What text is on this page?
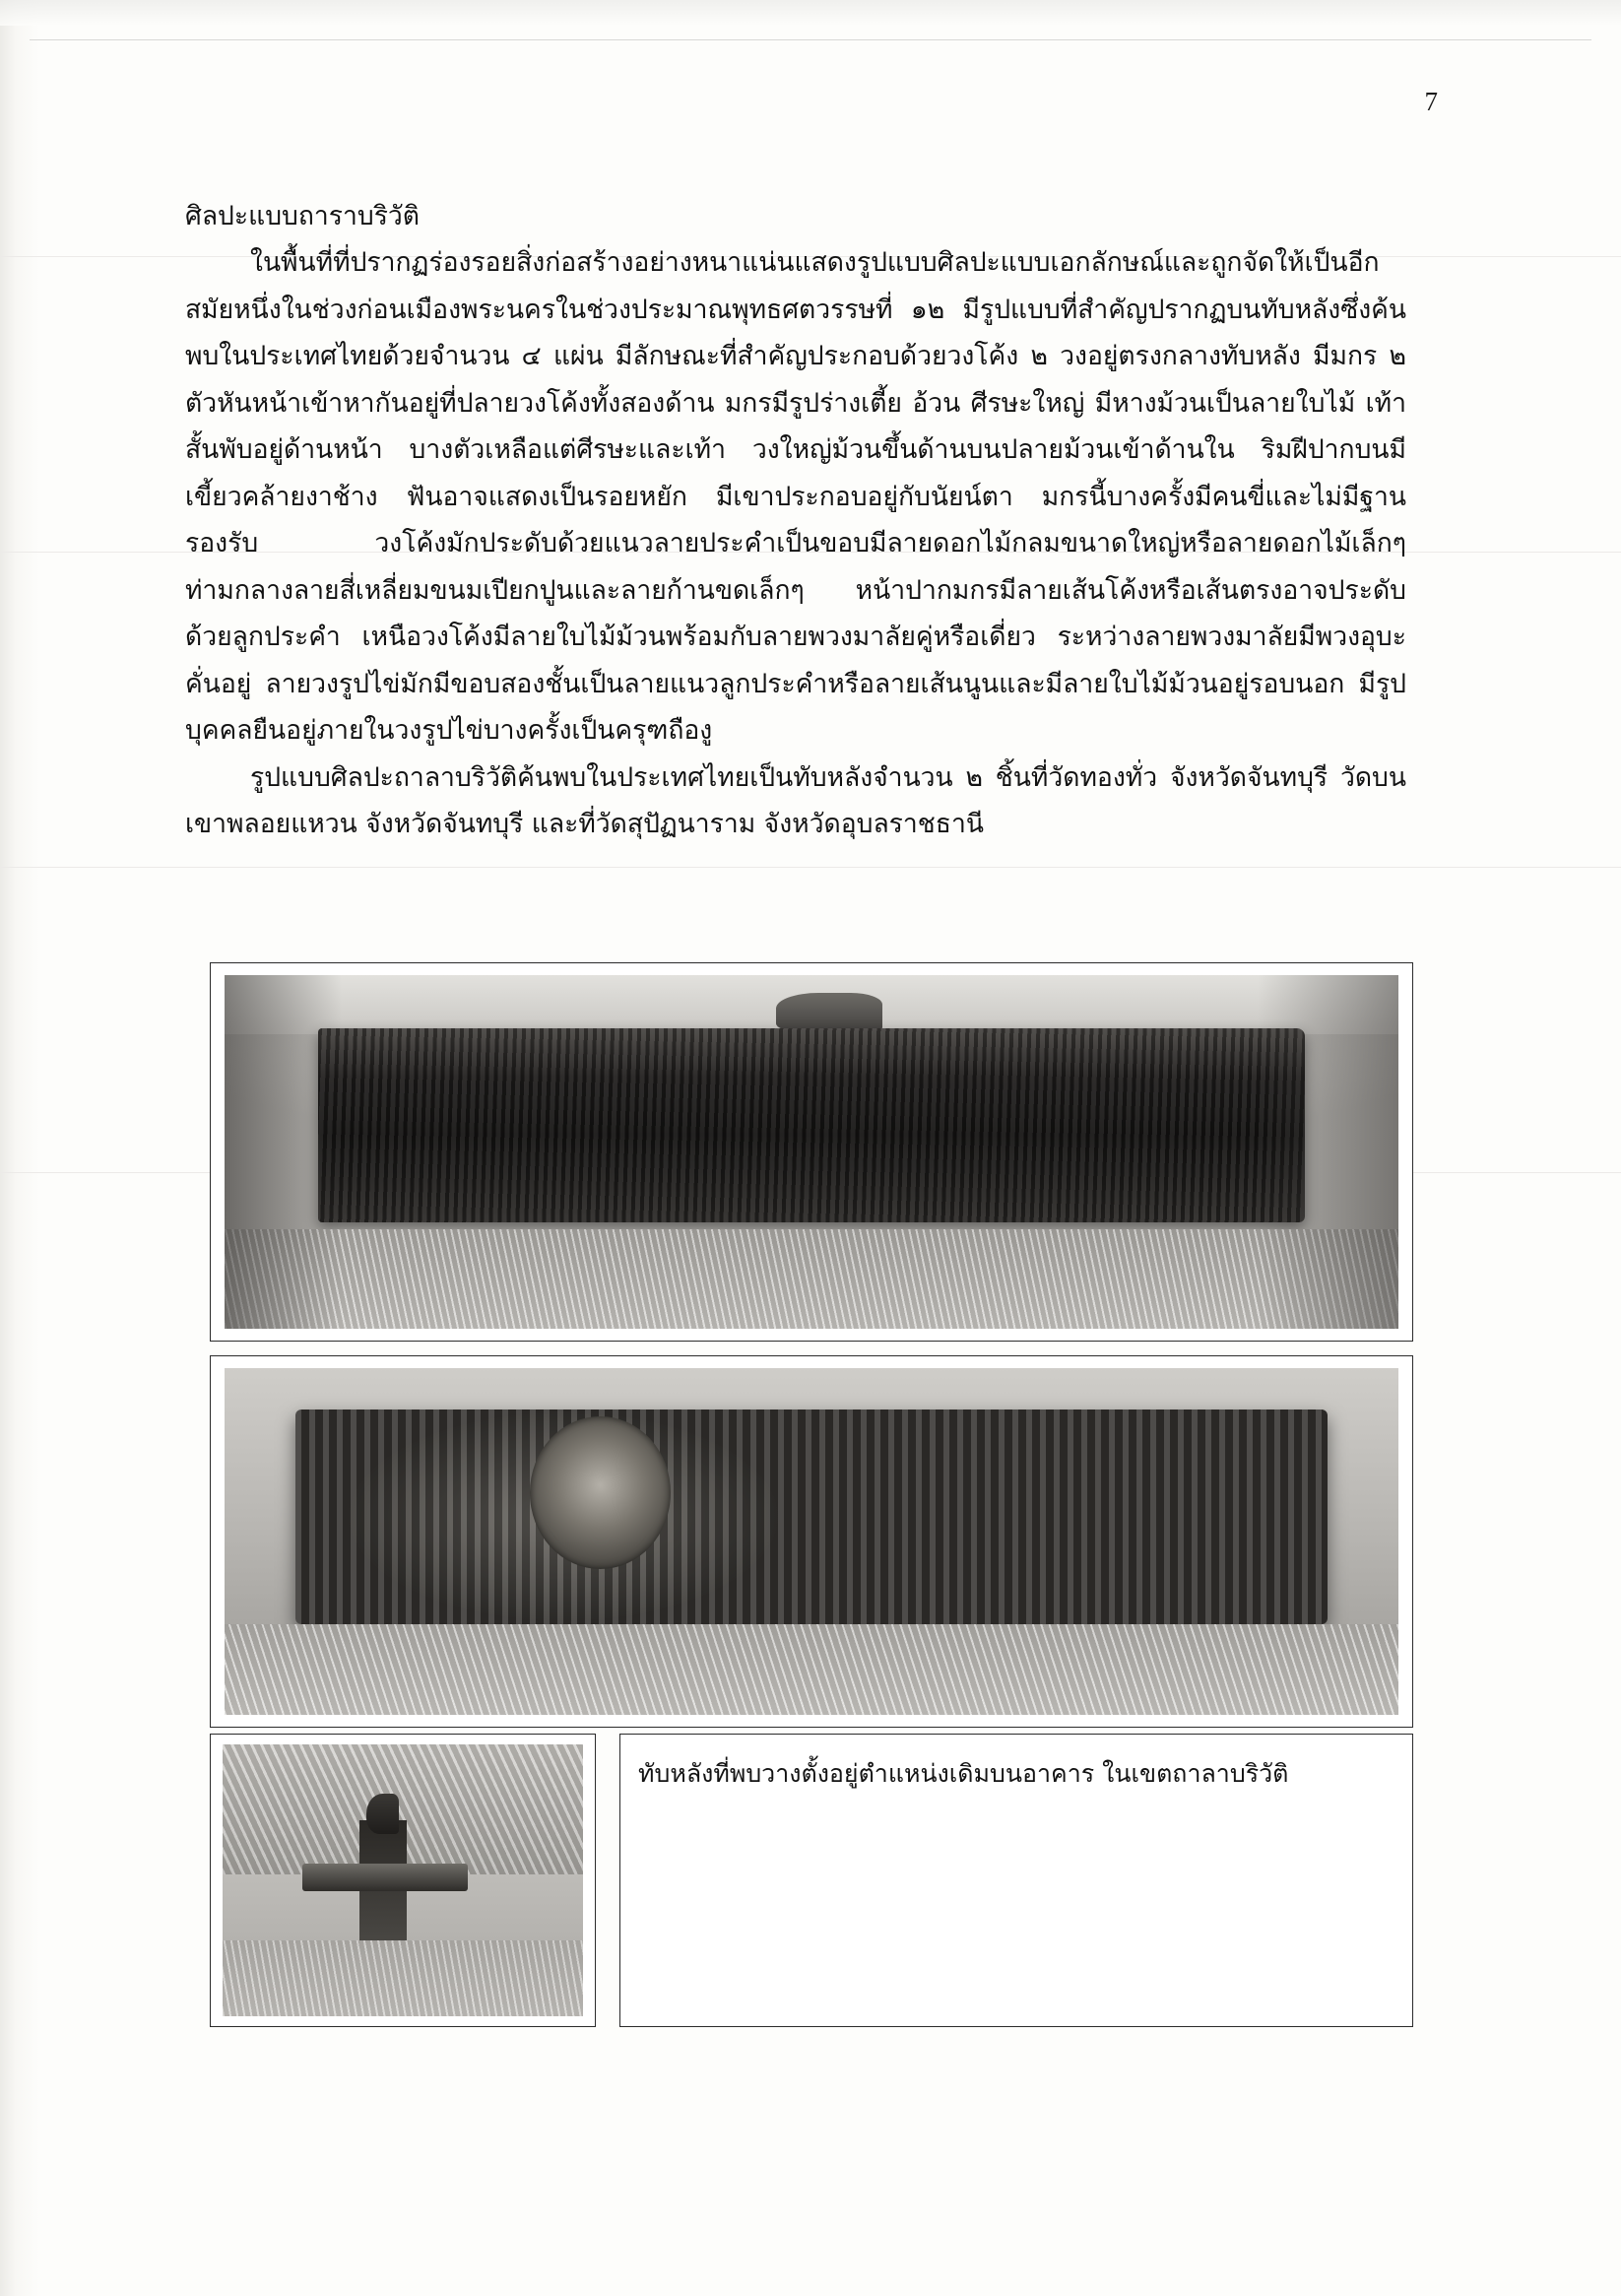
7

ศิลปะแบบถาราบริวัติ

ในพื้นที่ที่ปรากฏร่องรอยสิ่งก่อสร้างอย่างหนาแน่นแสดงรูปแบบศิลปะแบบเอกลักษณ์และถูกจัดให้เป็นอีกสมัยหนึ่งในช่วงก่อนเมืองพระนครในช่วงประมาณพุทธศตวรรษที่ ๑๒ มีรูปแบบที่สำคัญปรากฏบนทับหลังซึ่งค้นพบในประเทศไทยด้วยจำนวน ๔ แผ่น มีลักษณะที่สำคัญประกอบด้วยวงโค้ง ๒ วงอยู่ตรงกลางทับหลัง มีมกร ๒ ตัวหันหน้าเข้าหากันอยู่ที่ปลายวงโค้งทั้งสองด้าน มกรมีรูปร่างเตี้ย อ้วน ศีรษะใหญ่ มีหางม้วนเป็นลายใบไม้ เท้าสั้นพับอยู่ด้านหน้า บางตัวเหลือแต่ศีรษะและเท้า วงใหญ่ม้วนขึ้นด้านบนปลายม้วนเข้าด้านใน ริมฝีปากบนมีเขี้ยวคล้ายงาช้าง ฟันอาจแสดงเป็นรอยหยัก มีเขาประกอบอยู่กับนัยน์ตา มกรนี้บางครั้งมีคนขี่และไม่มีฐานรองรับ วงโค้งมักประดับด้วยแนวลายประคำเป็นขอบมีลายดอกไม้กลมขนาดใหญ่หรือลายดอกไม้เล็กๆ ท่ามกลางลายสี่เหลี่ยมขนมเปียกปูนและลายก้านขดเล็กๆ หน้าปากมกรมีลายเส้นโค้งหรือเส้นตรงอาจประดับด้วยลูกประคำ เหนือวงโค้งมีลายใบไม้ม้วนพร้อมกับลายพวงมาลัยคู่หรือเดี่ยว ระหว่างลายพวงมาลัยมีพวงอุบะคั่นอยู่ ลายวงรูปไข่มักมีขอบสองชั้นเป็นลายแนวลูกประคำหรือลายเส้นนูนและมีลายใบไม้ม้วนอยู่รอบนอก มีรูปบุคคลยืนอยู่ภายในวงรูปไข่บางครั้งเป็นครุฑถืองู

รูปแบบศิลปะถาลาบริวัติค้นพบในประเทศไทยเป็นทับหลังจำนวน ๒ ชิ้นที่วัดทองทั่ว จังหวัดจันทบุรี วัดบนเขาพลอยแหวน จังหวัดจันทบุรี และที่วัดสุปัฏนาราม จังหวัดอุบลราชธานี

ทับหลังที่พบวางตั้งอยู่ตำแหน่งเดิมบนอาคาร ในเขตถาลาบริวัติ
